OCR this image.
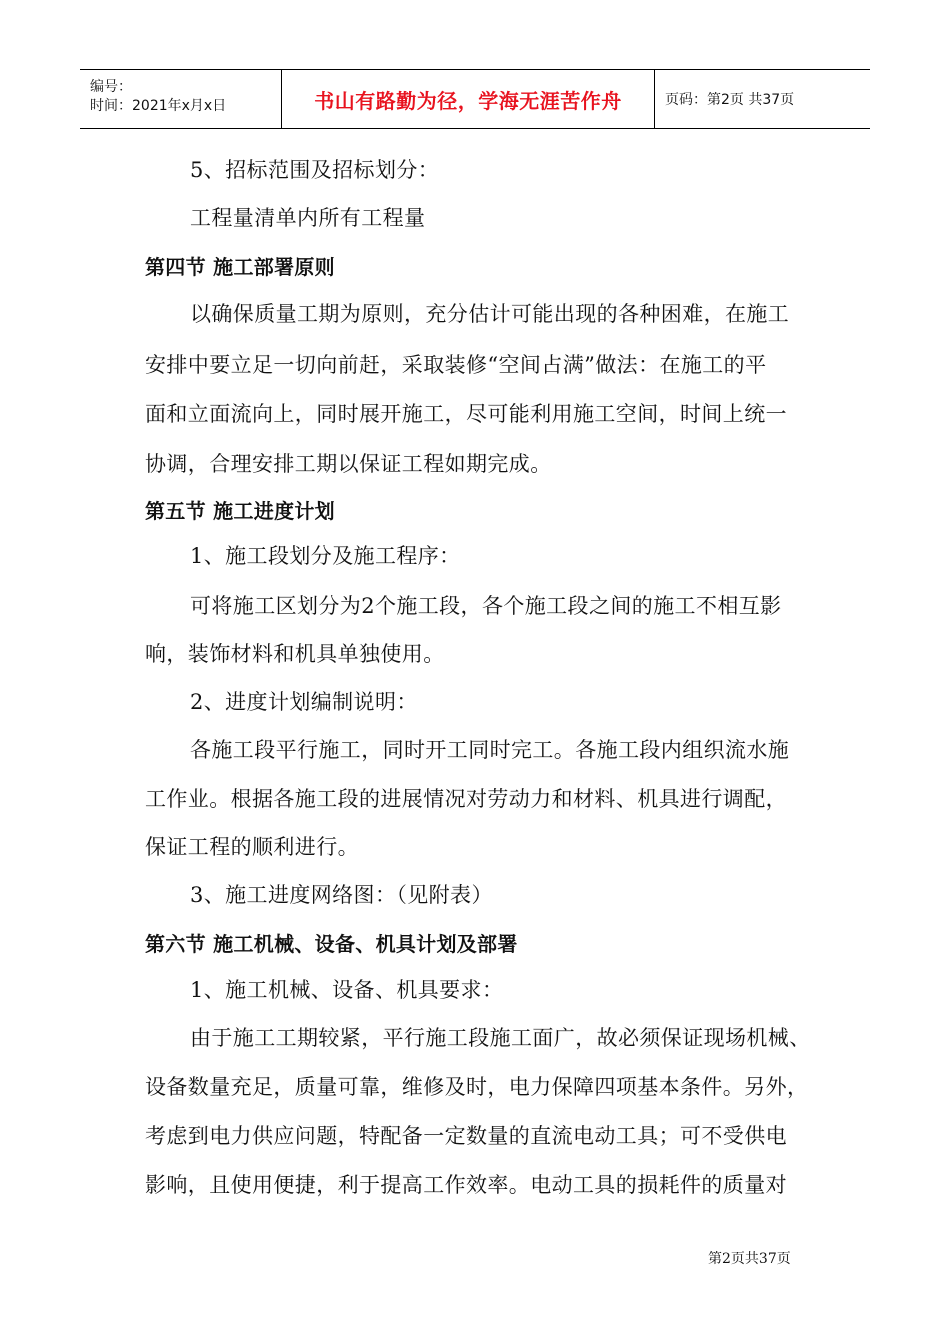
编号：
时间：2021年x月x日	书山有路勤为径，学海无涯苦作舟	页码：第2页 共37页
5、招标范围及招标划分：
工程量清单内所有工程量
第四节 施工部署原则
以确保质量工期为原则，充分估计可能出现的各种困难，在施工
安排中要立足一切向前赶，采取装修“空间占满”做法：在施工的平
面和立面流向上，同时展开施工，尽可能利用施工空间，时间上统一
协调，合理安排工期以保证工程如期完成。
第五节 施工进度计划
1、施工段划分及施工程序：
可将施工区划分为2个施工段，各个施工段之间的施工不相互影
响，装饰材料和机具单独使用。
2、进度计划编制说明：
各施工段平行施工，同时开工同时完工。各施工段内组织流水施
工作业。根据各施工段的进展情况对劳动力和材料、机具进行调配，
保证工程的顺利进行。
3、施工进度网络图：（见附表）
第六节 施工机械、设备、机具计划及部署
1、施工机械、设备、机具要求：
由于施工工期较紧，平行施工段施工面广，故必须保证现场机械、
设备数量充足，质量可靠，维修及时，电力保障四项基本条件。另外，
考虑到电力供应问题，特配备一定数量的直流电动工具；可不受供电
影响，且使用便捷，利于提高工作效率。电动工具的损耗件的质量对
第2页共37页
